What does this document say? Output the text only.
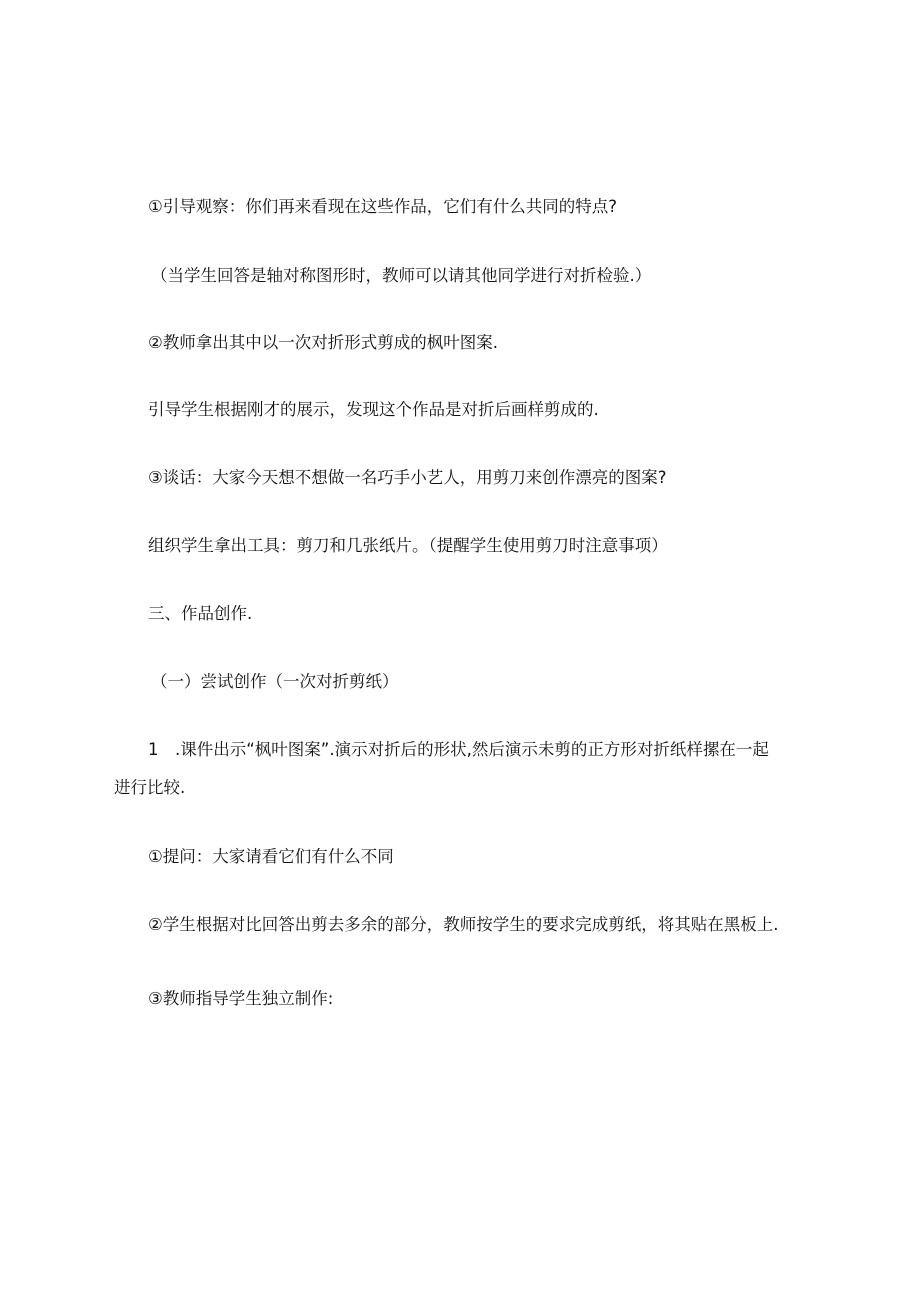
①引导观察：你们再来看现在这些作品，它们有什么共同的特点?

（当学生回答是轴对称图形时，教师可以请其他同学进行对折检验.）

②教师拿出其中以一次对折形式剪成的枫叶图案.

引导学生根据刚才的展示，发现这个作品是对折后画样剪成的.

③谈话：大家今天想不想做一名巧手小艺人，用剪刀来创作漂亮的图案?

组织学生拿出工具：剪刀和几张纸片。（提醒学生使用剪刀时注意事项）

三、作品创作.

（一）尝试创作（一次对折剪纸）

1　.课件出示“枫叶图案”.演示对折后的形状,然后演示未剪的正方形对折纸样摞在一起

进行比较.

①提问：大家请看它们有什么不同

②学生根据对比回答出剪去多余的部分，教师按学生的要求完成剪纸，将其贴在黑板上.

③教师指导学生独立制作:
